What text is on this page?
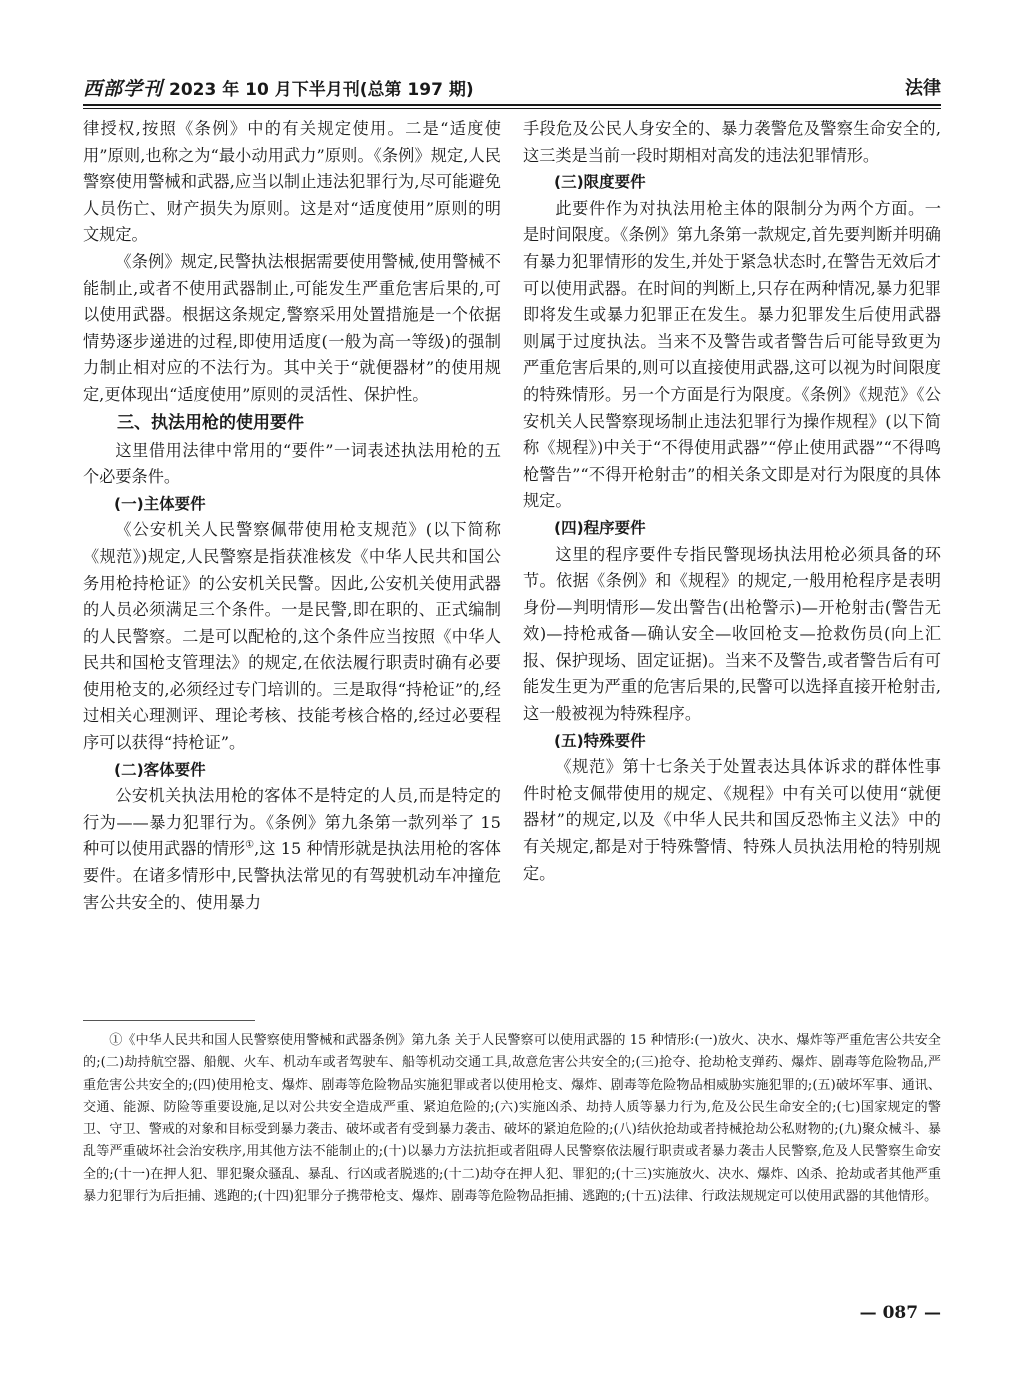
西部学刊 2023 年 10 月下半月刊(总第 197 期)	法律

律授权,按照《条例》中的有关规定使用。二是“适度使用”原则,也称之为“最小动用武力”原则。《条例》规定,人民警察使用警械和武器,应当以制止违法犯罪行为,尽可能避免人员伤亡、财产损失为原则。这是对“适度使用”原则的明文规定。

《条例》规定,民警执法根据需要使用警械,使用警械不能制止,或者不使用武器制止,可能发生严重危害后果的,可以使用武器。根据这条规定,警察采用处置措施是一个依据情势逐步递进的过程,即使用适度(一般为高一等级)的强制力制止相对应的不法行为。其中关于“就便器材”的使用规定,更体现出“适度使用”原则的灵活性、保护性。

三、执法用枪的使用要件

这里借用法律中常用的“要件”一词表述执法用枪的五个必要条件。

(一)主体要件

《公安机关人民警察佩带使用枪支规范》(以下简称《规范》)规定,人民警察是指获准核发《中华人民共和国公务用枪持枪证》的公安机关民警。因此,公安机关使用武器的人员必须满足三个条件。一是民警,即在职的、正式编制的人民警察。二是可以配枪的,这个条件应当按照《中华人民共和国枪支管理法》的规定,在依法履行职责时确有必要使用枪支的,必须经过专门培训的。三是取得“持枪证”的,经过相关心理测评、理论考核、技能考核合格的,经过必要程序可以获得“持枪证”。

(二)客体要件

公安机关执法用枪的客体不是特定的人员,而是特定的行为——暴力犯罪行为。《条例》第九条第一款列举了 15 种可以使用武器的情形①,这 15 种情形就是执法用枪的客体要件。在诸多情形中,民警执法常见的有驾驶机动车冲撞危害公共安全的、使用暴力

手段危及公民人身安全的、暴力袭警危及警察生命安全的,这三类是当前一段时期相对高发的违法犯罪情形。

(三)限度要件

此要件作为对执法用枪主体的限制分为两个方面。一是时间限度。《条例》第九条第一款规定,首先要判断并明确有暴力犯罪情形的发生,并处于紧急状态时,在警告无效后才可以使用武器。在时间的判断上,只存在两种情况,暴力犯罪即将发生或暴力犯罪正在发生。暴力犯罪发生后使用武器则属于过度执法。当来不及警告或者警告后可能导致更为严重危害后果的,则可以直接使用武器,这可以视为时间限度的特殊情形。另一个方面是行为限度。《条例》《规范》《公安机关人民警察现场制止违法犯罪行为操作规程》(以下简称《规程》)中关于“不得使用武器”“停止使用武器”“不得鸣枪警告”“不得开枪射击”的相关条文即是对行为限度的具体规定。

(四)程序要件

这里的程序要件专指民警现场执法用枪必须具备的环节。依据《条例》和《规程》的规定,一般用枪程序是表明身份—判明情形—发出警告(出枪警示)—开枪射击(警告无效)—持枪戒备—确认安全—收回枪支—抢救伤员(向上汇报、保护现场、固定证据)。当来不及警告,或者警告后有可能发生更为严重的危害后果的,民警可以选择直接开枪射击,这一般被视为特殊程序。

(五)特殊要件

《规范》第十七条关于处置表达具体诉求的群体性事件时枪支佩带使用的规定、《规程》中有关可以使用“就便器材”的规定,以及《中华人民共和国反恐怖主义法》中的有关规定,都是对于特殊警情、特殊人员执法用枪的特别规定。

①《中华人民共和国人民警察使用警械和武器条例》第九条 关于人民警察可以使用武器的 15 种情形:(一)放火、决水、爆炸等严重危害公共安全的;(二)劫持航空器、船舰、火车、机动车或者驾驶车、船等机动交通工具,故意危害公共安全的;(三)抢夺、抢劫枪支弹药、爆炸、剧毒等危险物品,严重危害公共安全的;(四)使用枪支、爆炸、剧毒等危险物品实施犯罪或者以使用枪支、爆炸、剧毒等危险物品相威胁实施犯罪的;(五)破坏军事、通讯、交通、能源、防险等重要设施,足以对公共安全造成严重、紧迫危险的;(六)实施凶杀、劫持人质等暴力行为,危及公民生命安全的;(七)国家规定的警卫、守卫、警戒的对象和目标受到暴力袭击、破坏或者有受到暴力袭击、破坏的紧迫危险的;(八)结伙抢劫或者持械抢劫公私财物的;(九)聚众械斗、暴乱等严重破坏社会治安秩序,用其他方法不能制止的;(十)以暴力方法抗拒或者阻碍人民警察依法履行职责或者暴力袭击人民警察,危及人民警察生命安全的;(十一)在押人犯、罪犯聚众骚乱、暴乱、行凶或者脱逃的;(十二)劫夺在押人犯、罪犯的;(十三)实施放火、决水、爆炸、凶杀、抢劫或者其他严重暴力犯罪行为后拒捕、逃跑的;(十四)犯罪分子携带枪支、爆炸、剧毒等危险物品拒捕、逃跑的;(十五)法律、行政法规规定可以使用武器的其他情形。

— 087 —
